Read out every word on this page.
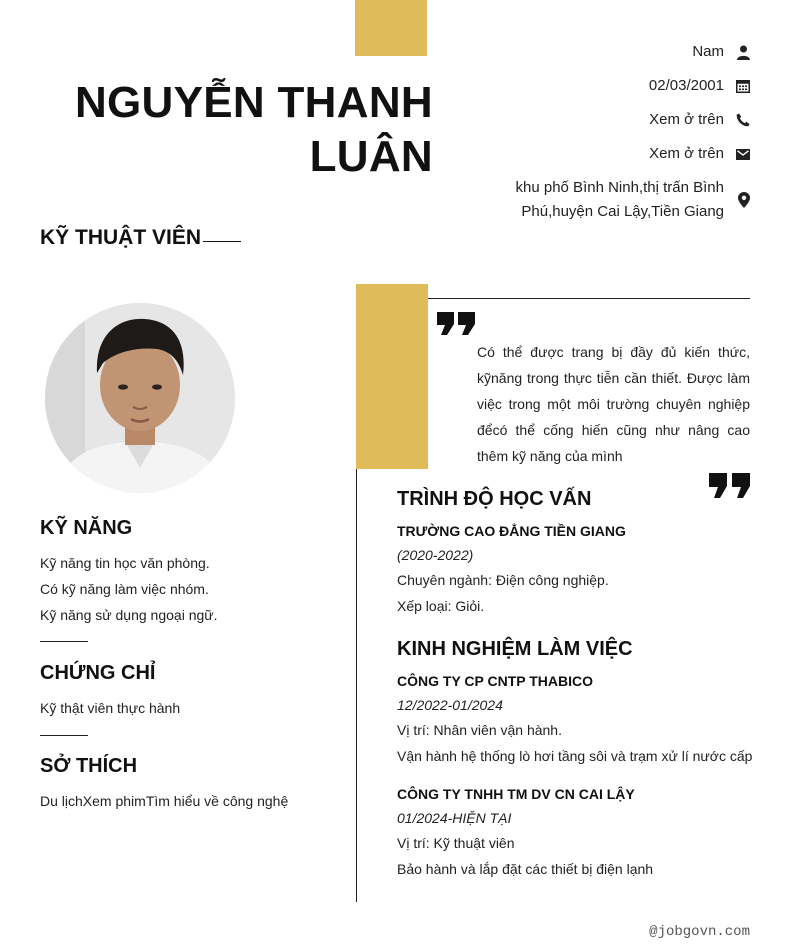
NGUYỄN THANH
LUÂN
KỸ THUẬT VIÊN
Nam
02/03/2001
Xem ở trên
Xem ở trên
khu phố Bình Ninh,thị trấn Bình
Phú,huyện Cai Lậy,Tiền Giang
KỸ NĂNG
Kỹ năng tin học văn phòng.
Có kỹ năng làm việc nhóm.
Kỹ năng sử dụng ngoại ngữ.
CHỨNG CHỈ
Kỹ thật viên thực hành
SỞ THÍCH
Du lịchXem phimTìm hiểu về công nghệ
Có thể được trang bị đầy đủ kiến thức, kỹnăng trong thực tiễn cần thiết. Được làm việc trong một môi trường chuyên nghiệp đểcó thể cống hiến cũng như nâng cao thêm kỹ năng của mình
TRÌNH ĐỘ HỌC VẤN
TRƯỜNG CAO ĐẲNG TIỀN GIANG
(2020-2022)
Chuyên ngành: Điện công nghiệp.
Xếp loại: Giỏi.
KINH NGHIỆM LÀM VIỆC
CÔNG TY CP CNTP THABICO
12/2022-01/2024
Vị trí: Nhân viên vận hành.
Vận hành hệ thống lò hơi tầng sôi và trạm xử lí nước cấp
CÔNG TY TNHH TM DV CN CAI LẬY
01/2024-HIỆN TẠI
Vị trí: Kỹ thuật viên
Bảo hành và lắp đặt các thiết bị điện lạnh
@jobgovn.com
